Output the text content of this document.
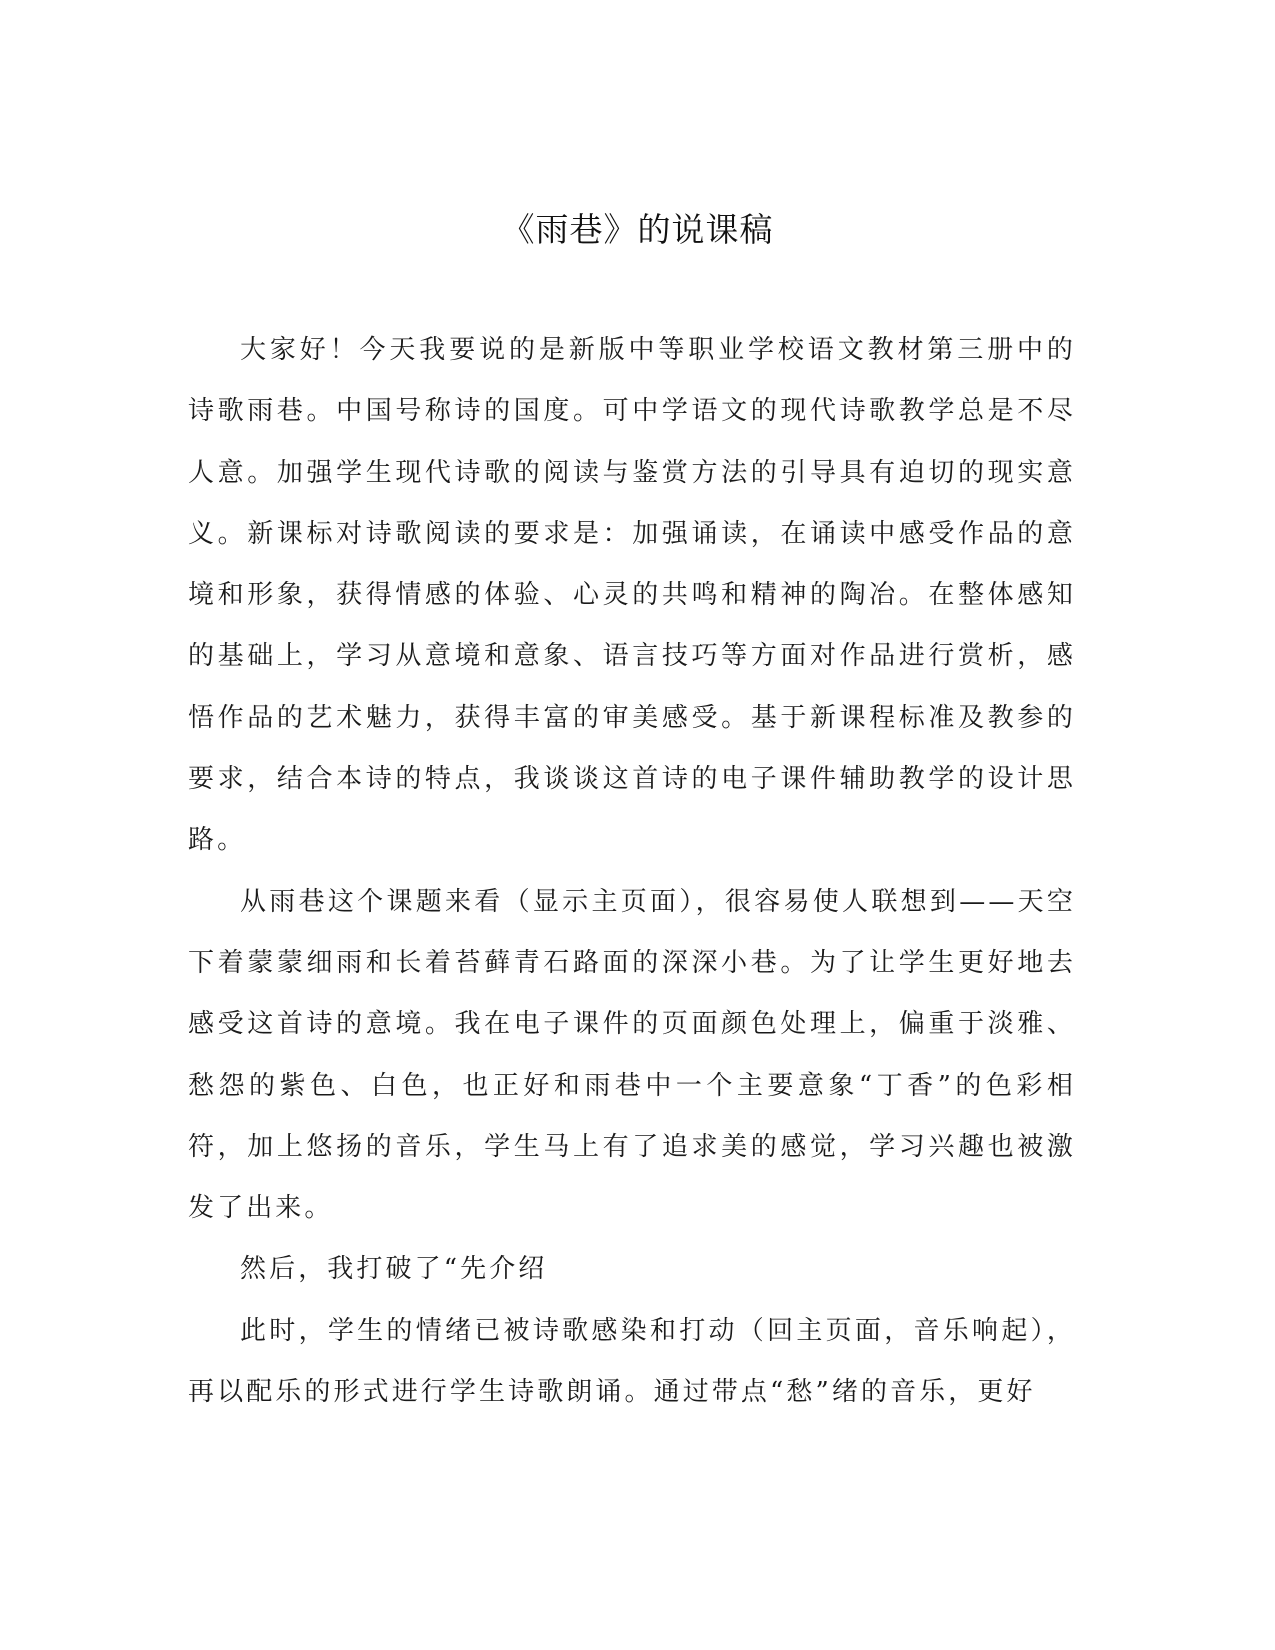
《雨巷》的说课稿

大家好！今天我要说的是新版中等职业学校语文教材第三册中的诗歌雨巷。中国号称诗的国度。可中学语文的现代诗歌教学总是不尽人意。加强学生现代诗歌的阅读与鉴赏方法的引导具有迫切的现实意义。新课标对诗歌阅读的要求是：加强诵读，在诵读中感受作品的意境和形象，获得情感的体验、心灵的共鸣和精神的陶冶。在整体感知的基础上，学习从意境和意象、语言技巧等方面对作品进行赏析，感悟作品的艺术魅力，获得丰富的审美感受。基于新课程标准及教参的要求，结合本诗的特点，我谈谈这首诗的电子课件辅助教学的设计思路。

从雨巷这个课题来看（显示主页面），很容易使人联想到——天空下着蒙蒙细雨和长着苔藓青石路面的深深小巷。为了让学生更好地去感受这首诗的意境。我在电子课件的页面颜色处理上，偏重于淡雅、愁怨的紫色、白色，也正好和雨巷中一个主要意象“丁香”的色彩相符，加上悠扬的音乐，学生马上有了追求美的感觉，学习兴趣也被激发了出来。

然后，我打破了“先介绍

此时，学生的情绪已被诗歌感染和打动（回主页面，音乐响起），再以配乐的形式进行学生诗歌朗诵。通过带点“愁”绪的音乐，更好
